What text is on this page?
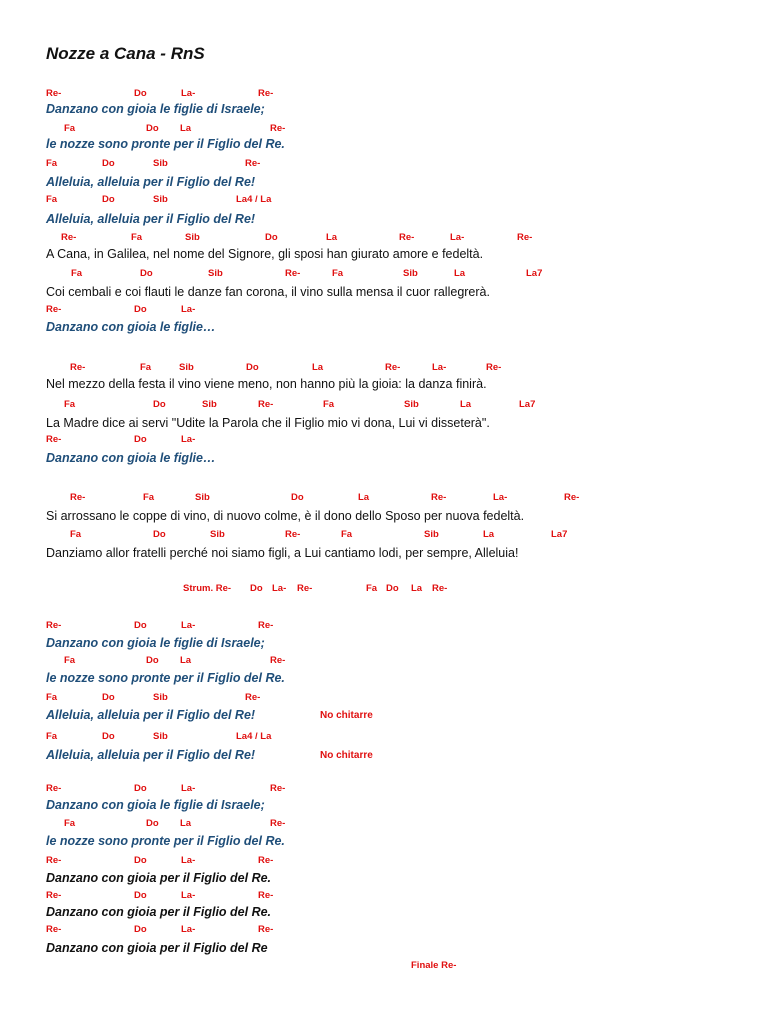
Nozze a Cana - RnS
Re-	Do	La-	Re-
Danzano con gioia le figlie di Israele;
Fa	Do La	Re-
le nozze sono pronte per il Figlio del Re.
Fa	Do	Sib	Re-
Alleluia, alleluia per il Figlio del Re!
Fa	Do	Sib	La4 / La
Alleluia, alleluia per il Figlio del Re!
Re-	Fa	Sib	Do	La	Re-	La-	Re-
A Cana, in Galilea, nel nome del Signore, gli sposi han giurato amore e fedeltà.
Fa	Do	Sib	Re-	Fa	Sib	La	La7
Coi cembali e coi flauti le danze fan corona, il vino sulla mensa il cuor rallegrerà.
Re-	Do	La-
Danzano con gioia le figlie…
Re-	Fa	Sib	Do	La	Re-	La-	Re-
Nel mezzo della festa il vino viene meno, non hanno più la gioia: la danza finirà.
Fa	Do	Sib	Re-	Fa	Sib	La	La7
La Madre dice ai servi "Udite la Parola che il Figlio mio vi dona, Lui vi disseterà".
Re-	Do	La-
Danzano con gioia le figlie…
Re-	Fa	Sib	Do	La	Re-	La-	Re-
Si arrossano le coppe di vino, di nuovo colme, è il dono dello Sposo per nuova fedeltà.
Fa	Do	Sib	Re-	Fa	Sib	La	La7
Danziamo allor fratelli perché noi siamo figli, a Lui cantiamo lodi, per sempre, Alleluia!
Strum. Re- Do La- Re-	Fa Do La Re-
Re-	Do	La-	Re-
Danzano con gioia le figlie di Israele;
Fa	Do La	Re-
le nozze sono pronte per il Figlio del Re.
Fa	Do	Sib	Re-
Alleluia, alleluia per il Figlio del Re!	No chitarre
Fa	Do	Sib	La4 / La
Alleluia, alleluia per il Figlio del Re!	No chitarre
Re-	Do	La-	Re-
Danzano con gioia le figlie di Israele;
Fa	Do La	Re-
le nozze sono pronte per il Figlio del Re.
Re-	Do	La-	Re-
Danzano con gioia per il Figlio del Re.
Re-	Do	La-	Re-
Danzano con gioia per il Figlio del Re.
Re-	Do	La-	Re-
Danzano con gioia per il Figlio del Re
Finale Re-
